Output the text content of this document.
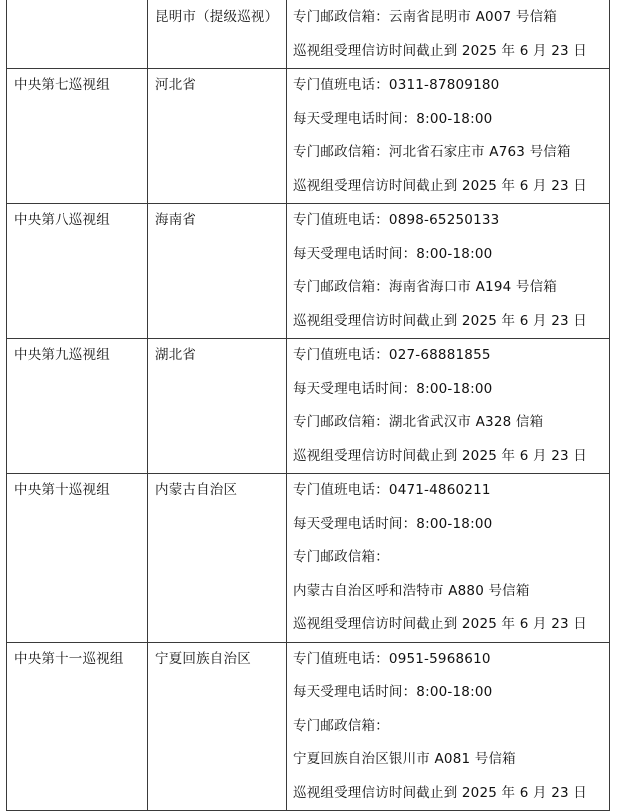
	昆明市（提级巡视）	专门邮政信箱：云南省昆明市 A007 号信箱
巡视组受理信访时间截止到 2025 年 6 月 23 日

中央第七巡视组	河北省	专门值班电话：0311-87809180
每天受理电话时间：8:00-18:00
专门邮政信箱：河北省石家庄市 A763 号信箱
巡视组受理信访时间截止到 2025 年 6 月 23 日

中央第八巡视组	海南省	专门值班电话：0898-65250133
每天受理电话时间：8:00-18:00
专门邮政信箱：海南省海口市 A194 号信箱
巡视组受理信访时间截止到 2025 年 6 月 23 日

中央第九巡视组	湖北省	专门值班电话：027-68881855
每天受理电话时间：8:00-18:00
专门邮政信箱：湖北省武汉市 A328 信箱
巡视组受理信访时间截止到 2025 年 6 月 23 日

中央第十巡视组	内蒙古自治区	专门值班电话：0471-4860211
每天受理电话时间：8:00-18:00
专门邮政信箱：
内蒙古自治区呼和浩特市 A880 号信箱
巡视组受理信访时间截止到 2025 年 6 月 23 日

中央第十一巡视组	宁夏回族自治区	专门值班电话：0951-5968610
每天受理电话时间：8:00-18:00
专门邮政信箱：
宁夏回族自治区银川市 A081 号信箱
巡视组受理信访时间截止到 2025 年 6 月 23 日
